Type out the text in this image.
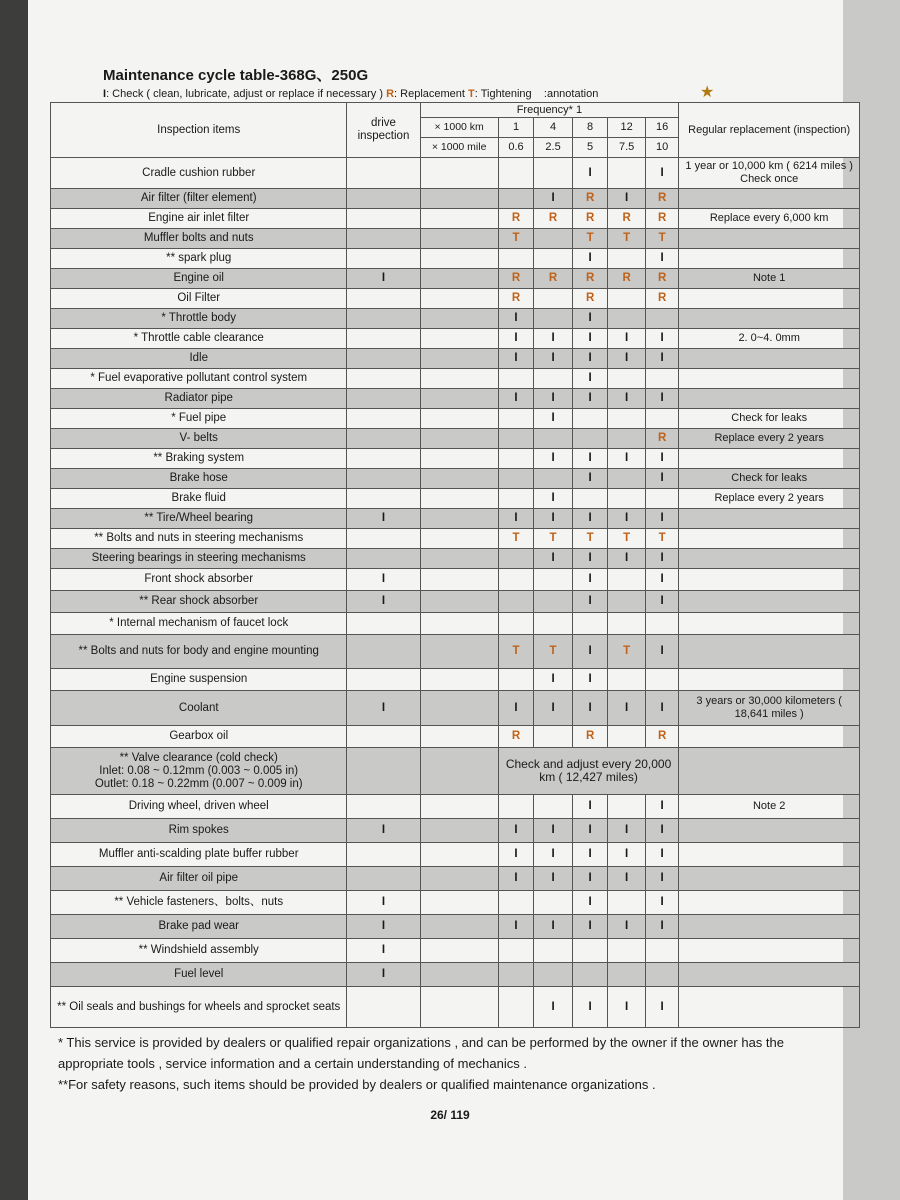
Maintenance cycle table-368G、250G
I: Check ( clean, lubricate, adjust or replace if necessary ) R: Replacement T: Tightening :annotation	★
Inspection items	drive inspection	Frequency* 1						Regular replacement (inspection)
		× 1000 km	1	4	8	12	16	
		× 1000 mile	0.6	2.5	5	7.5	10	
Cradle cushion rubber					I		I	1 year or 10,000 km ( 6214 miles ) Check once
Air filter (filter element)				I	R	I	R	
Engine air inlet filter			R	R	R	R	R	Replace every 6,000 km
Muffler bolts and nuts			T		T	T	T	
** spark plug					I		I	
Engine oil	I		R	R	R	R	R	Note 1
Oil Filter			R		R		R	
* Throttle body			I		I			
* Throttle cable clearance			I	I	I	I	I	2. 0~4. 0mm
Idle			I	I	I	I	I	
* Fuel evaporative pollutant control system					I			
Radiator pipe			I	I	I	I	I	
* Fuel pipe				I				Check for leaks
V- belts							R	Replace every 2 years
** Braking system				I	I	I	I	
Brake hose					I		I	Check for leaks
Brake fluid				I				Replace every 2 years
** Tire/Wheel bearing	I		I	I	I	I	I	
** Bolts and nuts in steering mechanisms			T	T	T	T	T	
Steering bearings in steering mechanisms				I	I	I	I	
Front shock absorber	I				I		I	
** Rear shock absorber	I				I		I	
* Internal mechanism of faucet lock								
** Bolts and nuts for body and engine mounting			T	T	I	T	I	
Engine suspension				I	I			
Coolant	I		I	I	I	I	I	3 years or 30,000 kilometers ( 18,641 miles )
Gearbox oil			R		R		R	

** Valve clearance (cold check)
Inlet: 0.08 ~ 0.12mm (0.003 ~ 0.005 in)
Outlet: 0.18 ~ 0.22mm (0.007 ~ 0.009 in)			Check and adjust every 20,000 km ( 12,427 miles)					
Driving wheel, driven wheel					I		I	Note 2
Rim spokes	I		I	I	I	I	I	
Muffler anti-scalding plate buffer rubber			I	I	I	I	I	
Air filter oil pipe			I	I	I	I	I	
** Vehicle fasteners、bolts、nuts	I				I		I	
Brake pad wear	I		I	I	I	I	I	
** Windshield assembly	I							
Fuel level	I							
** Oil seals and bushings for wheels and sprocket seats				I	I	I	I	

* This service is provided by dealers or qualified repair organizations , and can be performed by the owner if the owner has the appropriate tools , service information and a certain understanding of mechanics .

**For safety reasons, such items should be provided by dealers or qualified maintenance organizations .

26/ 119
